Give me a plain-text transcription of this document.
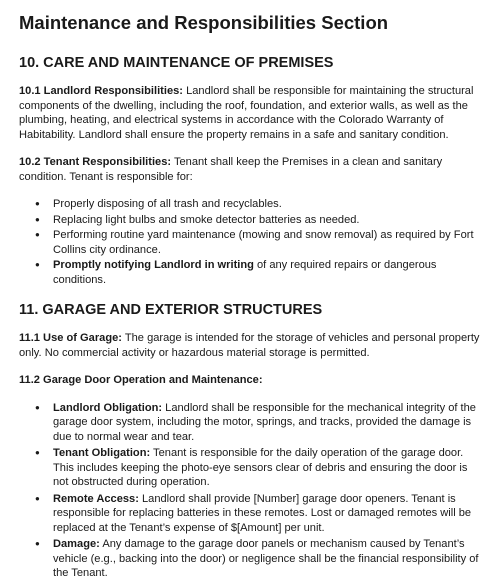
Maintenance and Responsibilities Section
10. CARE AND MAINTENANCE OF PREMISES

10.1 Landlord Responsibilities: Landlord shall be responsible for maintaining the structural components of the dwelling, including the roof, foundation, and exterior walls, as well as the plumbing, heating, and electrical systems in accordance with the Colorado Warranty of Habitability. Landlord shall ensure the property remains in a safe and sanitary condition.

10.2 Tenant Responsibilities: Tenant shall keep the Premises in a clean and sanitary condition. Tenant is responsible for:

● Properly disposing of all trash and recyclables.
● Replacing light bulbs and smoke detector batteries as needed.
● Performing routine yard maintenance (mowing and snow removal) as required by Fort Collins city ordinance.
● Promptly notifying Landlord in writing of any required repairs or dangerous conditions.
11. GARAGE AND EXTERIOR STRUCTURES

11.1 Use of Garage: The garage is intended for the storage of vehicles and personal property only. No commercial activity or hazardous material storage is permitted.

11.2 Garage Door Operation and Maintenance:

● Landlord Obligation: Landlord shall be responsible for the mechanical integrity of the garage door system, including the motor, springs, and tracks, provided the damage is due to normal wear and tear.
● Tenant Obligation: Tenant is responsible for the daily operation of the garage door. This includes keeping the photo-eye sensors clear of debris and ensuring the door is not obstructed during operation.
● Remote Access: Landlord shall provide [Number] garage door openers. Tenant is responsible for replacing batteries in these remotes. Lost or damaged remotes will be replaced at the Tenant’s expense of $[Amount] per unit.
● Damage: Any damage to the garage door panels or mechanism caused by Tenant’s vehicle (e.g., backing into the door) or negligence shall be the financial responsibility of the Tenant.
